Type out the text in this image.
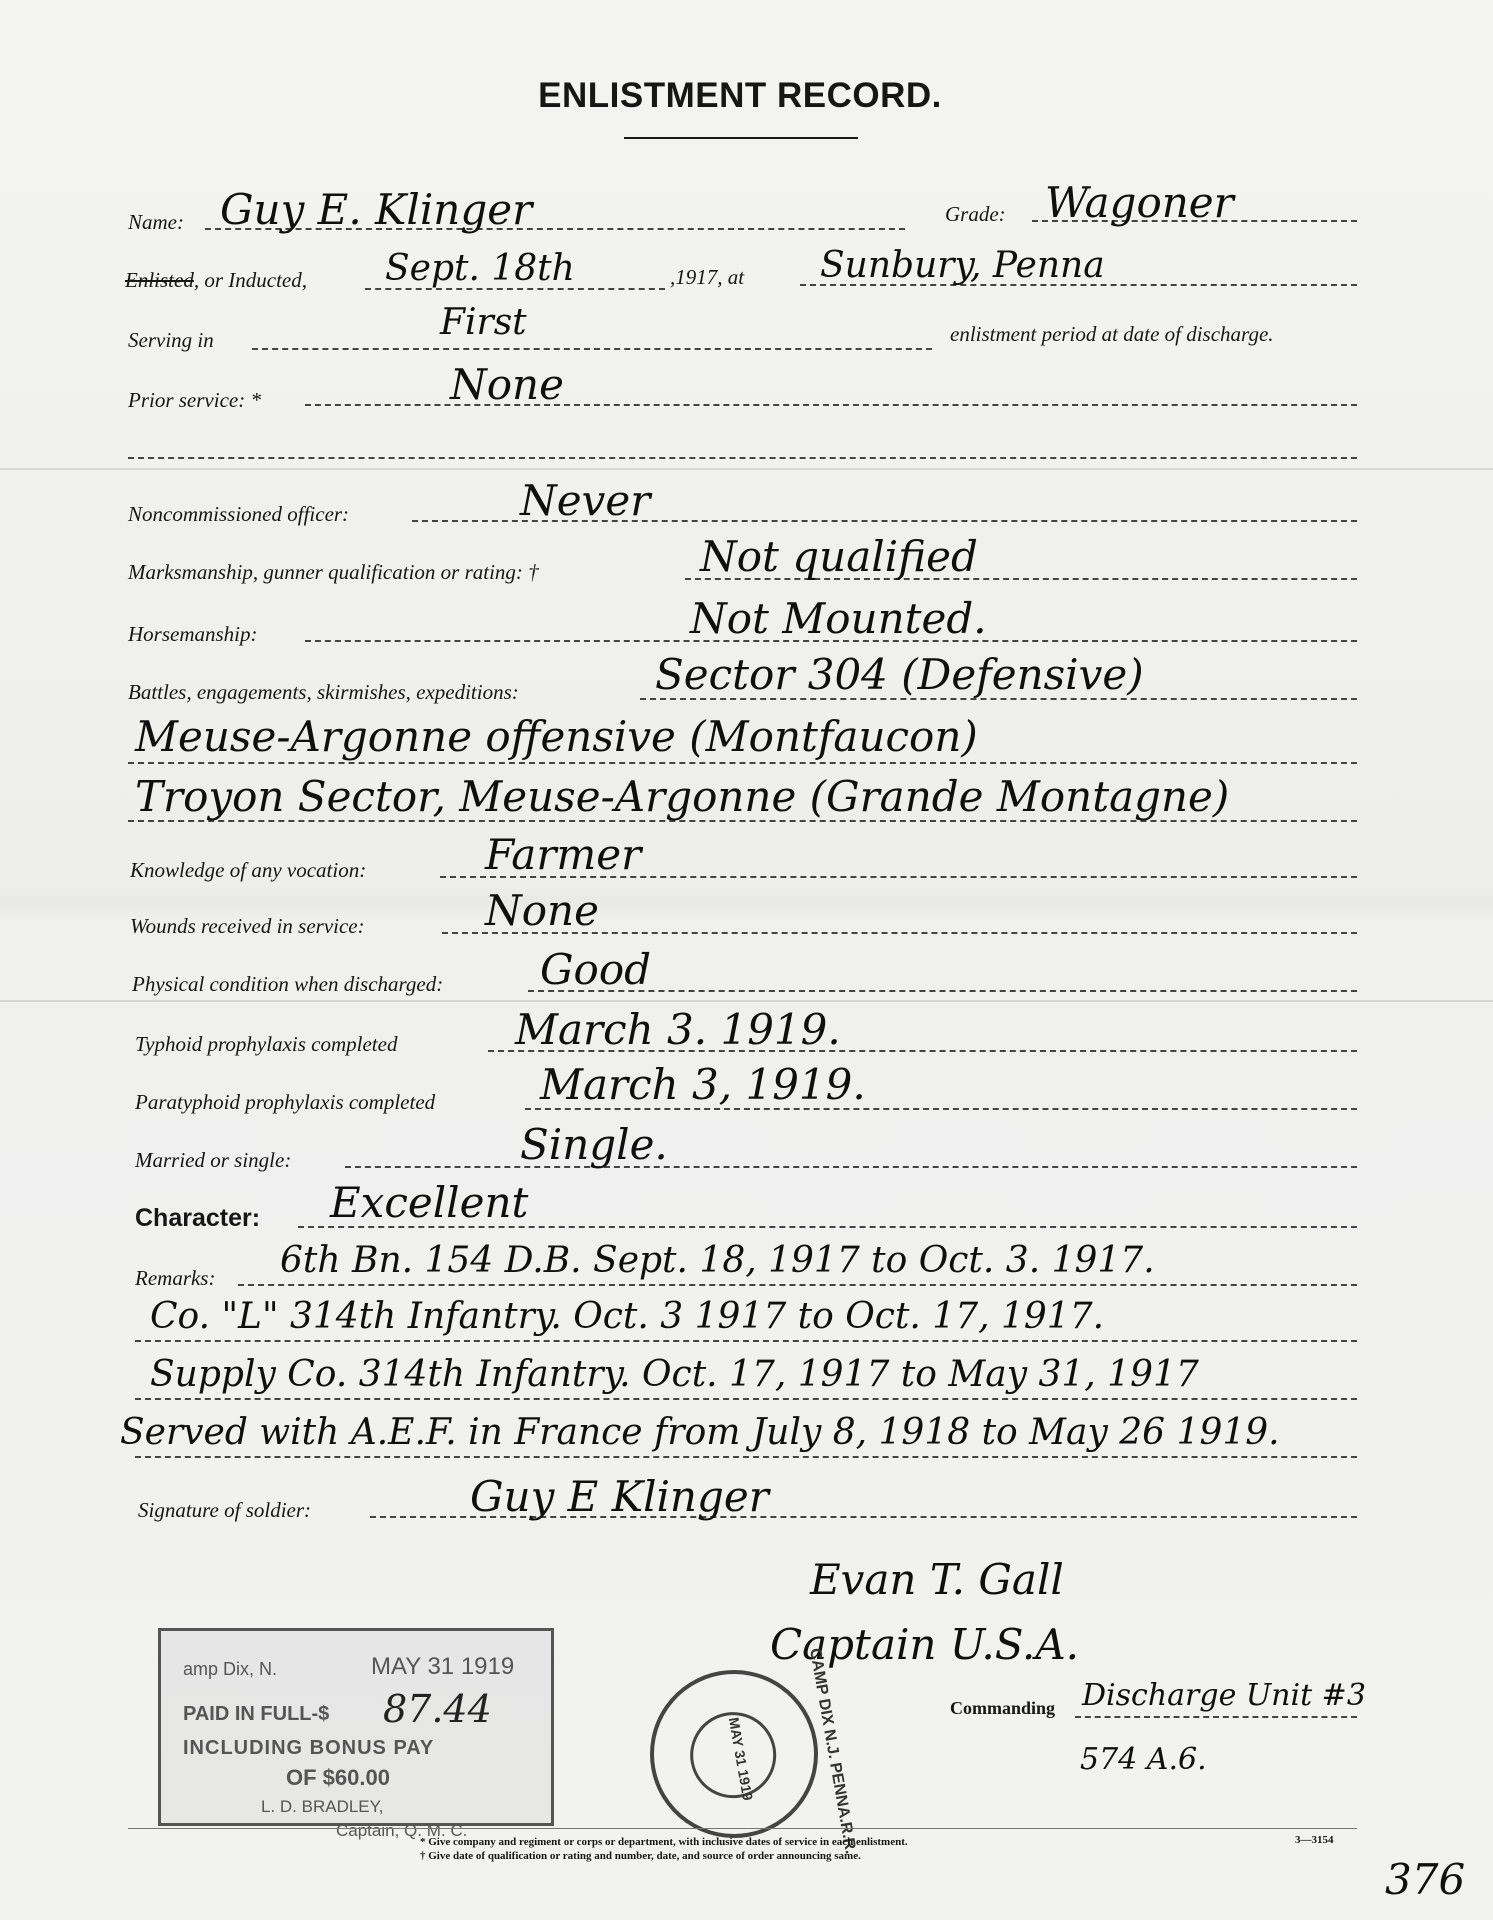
ENLISTMENT RECORD.
Name: Guy E. Klinger	Grade: Wagoner
Enlisted, or Inducted, Sept. 18th	,1917, at Sunbury, Penna
Serving in	First	enlistment period at date of discharge.
Prior service: *	None
Noncommissioned officer:	Never
Marksmanship, gunner qualification or rating: †	Not qualified
Horsemanship:	Not Mounted.
Battles, engagements, skirmishes, expeditions:	Sector 304 (Defensive)
Meuse-Argonne offensive (Montfaucon)
Troyon Sector, Meuse-Argonne (Grande Montagne)
Knowledge of any vocation:	Farmer
Wounds received in service:	None
Physical condition when discharged: Good
Typhoid prophylaxis completed	March 3. 1919.
Paratyphoid prophylaxis completed March 3, 1919.
Married or single:	Single.
Character: Excellent
Remarks: 6th Bn. 154 D.B. Sept. 18, 1917 to Oct. 3. 1917.
Co. "L" 314th Infantry. Oct. 3 1917 to Oct. 17, 1917.
Supply Co. 314th Infantry. Oct. 17, 1917 to May 31, 1917
Served with A.E.F. in France from July 8, 1918 to May 26 1919.
Signature of soldier:	Guy E Klinger
Evan T. Gall
Captain U.S.A.
Commanding Discharge Unit #3
574 A.6.
amp Dix, N.	MAY 31 1919
PAID IN FULL-$ 87.44
INCLUDING BONUS PAY
OF $60.00
L. D. BRADLEY,
Captain, Q. M. C.	CAMP DIX N.J. PENNA.R.R.
MAY 31 1919
* Give company and regiment or corps or department, with inclusive dates of service in each enlistment.
† Give date of qualification or rating and number, date, and source of order announcing same.
3—3154
376
